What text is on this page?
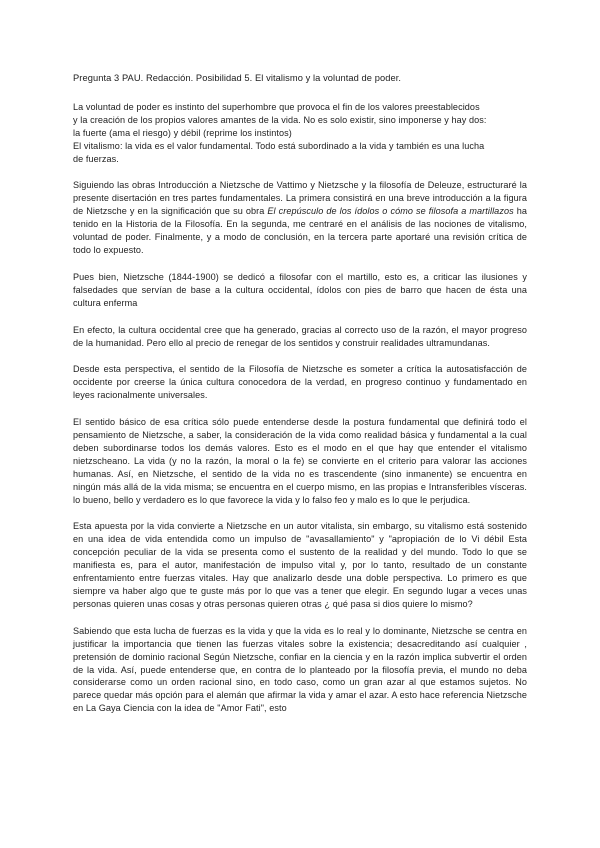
Pregunta 3 PAU. Redacción. Posibilidad 5. El vitalismo y la voluntad de poder.

La voluntad de poder es instinto del superhombre que provoca el fin de los valores preestablecidos
y la creación de los propios valores amantes de la vida. No es solo existir, sino imponerse y hay dos:
la fuerte (ama el riesgo) y débil (reprime los instintos)
El vitalismo: la vida es el valor fundamental. Todo está subordinado a la vida y también es una lucha
de fuerzas.

Siguiendo las obras Introducción a Nietzsche de Vattimo y Nietzsche y la filosofía de Deleuze, estructuraré la presente disertación en tres partes fundamentales. La primera consistirá en una breve introducción a la figura de Nietzsche y en la significación que su obra El crepúsculo de los ídolos o cómo se filosofa a martillazos ha tenido en la Historia de la Filosofía. En la segunda, me centraré en el análisis de las nociones de vitalismo, voluntad de poder. Finalmente, y a modo de conclusión, en la tercera parte aportaré una revisión crítica de todo lo expuesto.

Pues bien, Nietzsche (1844-1900) se dedicó a filosofar con el martillo, esto es, a criticar las ilusiones y falsedades que servían de base a la cultura occidental, ídolos con pies de barro que hacen de ésta una cultura enferma

En efecto, la cultura occidental cree que ha generado, gracias al correcto uso de la razón, el mayor progreso de la humanidad. Pero ello al precio de renegar de los sentidos y construir realidades ultramundanas.

Desde esta perspectiva, el sentido de la Filosofía de Nietzsche es someter a crítica la autosatisfacción de occidente por creerse la única cultura conocedora de la verdad, en progreso continuo y fundamentado en leyes racionalmente universales.

El sentido básico de esa crítica sólo puede entenderse desde la postura fundamental que definirá todo el pensamiento de Nietzsche, a saber, la consideración de la vida como realidad básica y fundamental a la cual deben subordinarse todos los demás valores. Esto es el modo en el que hay que entender el vitalismo nietzscheano. La vida (y no la razón, la moral o la fe) se convierte en el criterio para valorar las acciones humanas. Así, en Nietzsche, el sentido de la vida no es trascendente (sino inmanente) se encuentra en ningún más allá de la vida misma; se encuentra en el cuerpo mismo, en las propias e Intransferibles vísceras. lo bueno, bello y verdadero es lo que favorece la vida y lo falso feo y malo es lo que le perjudica.

Esta apuesta por la vida convierte a Nietzsche en un autor vitalista, sin embargo, su vitalismo está sostenido en una idea de vida entendida como un impulso de "avasallamiento" y "apropiación de lo Vi débil Esta concepción peculiar de la vida se presenta como el sustento de la realidad y del mundo. Todo lo que se manifiesta es, para el autor, manifestación de impulso vital y, por lo tanto, resultado de un constante enfrentamiento entre fuerzas vitales. Hay que analizarlo desde una doble perspectiva. Lo primero es que siempre va haber algo que te guste más por lo que vas a tener que elegir. En segundo lugar a veces unas personas quieren unas cosas y otras personas quieren otras ¿ qué pasa si dios quiere lo mismo?

Sabiendo que esta lucha de fuerzas es la vida y que la vida es lo real y lo dominante, Nietzsche se centra en justificar la importancia que tienen las fuerzas vitales sobre la existencia; desacreditando así cualquier , pretensión de dominio racional Según Nietzsche, confiar en la ciencia y en la razón implica subvertir el orden de la vida. Así, puede entenderse que, en contra de lo planteado por la filosofía previa, el mundo no deba considerarse como un orden racional sino, en todo caso, como un gran azar al que estamos sujetos. No parece quedar más opción para el alemán que afirmar la vida y amar el azar. A esto hace referencia Nietzsche en La Gaya Ciencia con la idea de "Amor Fati", esto
